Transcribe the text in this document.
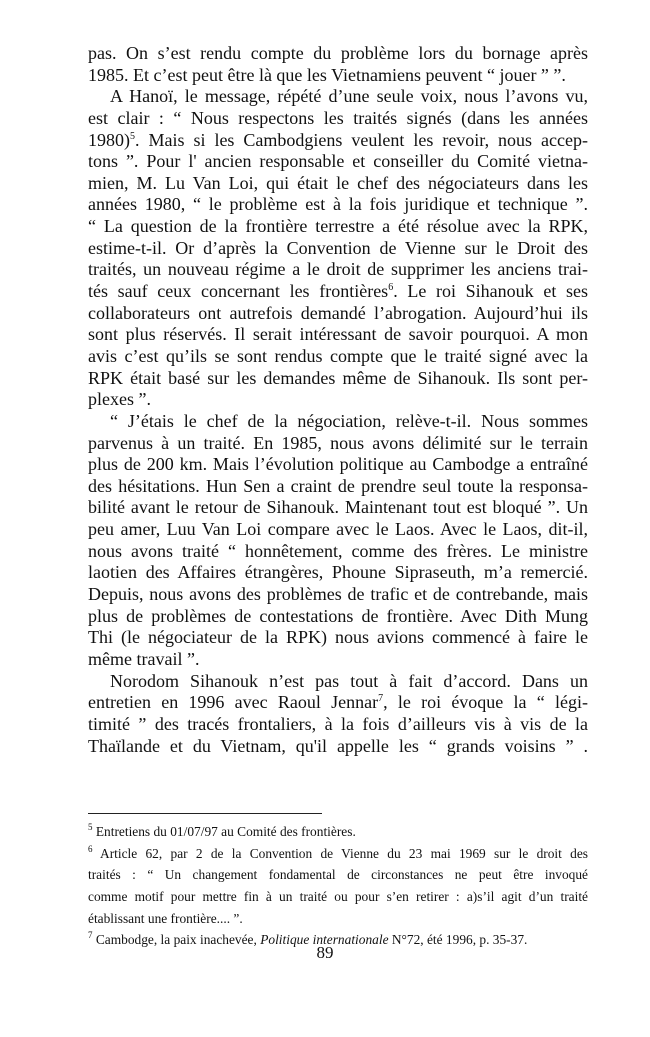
pas. On s’est rendu compte du problème lors du bornage après
1985. Et c’est peut être là que les Vietnamiens peuvent “ jouer ” ”.
A Hanoï, le message, répété d’une seule voix, nous l’avons vu,
est clair : “ Nous respectons les traités signés (dans les années
1980)$^5$. Mais si les Cambodgiens veulent les revoir, nous accep-
tons ”. Pour l' ancien responsable et conseiller du Comité vietna-
mien, M. Lu Van Loi, qui était le chef des négociateurs dans les
années 1980, “ le problème est à la fois juridique et technique ”.
“ La question de la frontière terrestre a été résolue avec la RPK,
estime-t-il. Or d’après la Convention de Vienne sur le Droit des
traités, un nouveau régime a le droit de supprimer les anciens trai-
tés sauf ceux concernant les frontières$^6$. Le roi Sihanouk et ses
collaborateurs ont autrefois demandé l’abrogation. Aujourd’hui ils
sont plus réservés. Il serait intéressant de savoir pourquoi. A mon
avis c’est qu’ils se sont rendus compte que le traité signé avec la
RPK était basé sur les demandes même de Sihanouk. Ils sont per-
plexes ”.
“ J’étais le chef de la négociation, relève-t-il. Nous sommes
parvenus à un traité. En 1985, nous avons délimité sur le terrain
plus de 200 km. Mais l’évolution politique au Cambodge a entraîné
des hésitations. Hun Sen a craint de prendre seul toute la responsa-
bilité avant le retour de Sihanouk. Maintenant tout est bloqué ”. Un
peu amer, Luu Van Loi compare avec le Laos. Avec le Laos, dit-il,
nous avons traité “ honnêtement, comme des frères. Le ministre
laotien des Affaires étrangères, Phoune Sipraseuth, m’a remercié.
Depuis, nous avons des problèmes de trafic et de contrebande, mais
plus de problèmes de contestations de frontière. Avec Dith Mung
Thi (le négociateur de la RPK) nous avions commencé à faire le
même travail ”.
Norodom Sihanouk n’est pas tout à fait d’accord. Dans un
entretien en 1996 avec Raoul Jennar$^7$, le roi évoque la “ légi-
timité ” des tracés frontaliers, à la fois d’ailleurs vis à vis de la
Thaïlande et du Vietnam, qu'il appelle les “ grands voisins ” .
$^5$ Entretiens du 01/07/97 au Comité des frontières.
$^6$ Article 62, par 2 de la Convention de Vienne du 23 mai 1969 sur le droit des
traités : “ Un changement fondamental de circonstances ne peut être invoqué
comme motif pour mettre fin à un traité ou pour s’en retirer : a)s’il agit d’un traité
établissant une frontière.... ”.
$^7$ Cambodge, la paix inachevée, Politique internationale N°72, été 1996, p. 35-37.
89
